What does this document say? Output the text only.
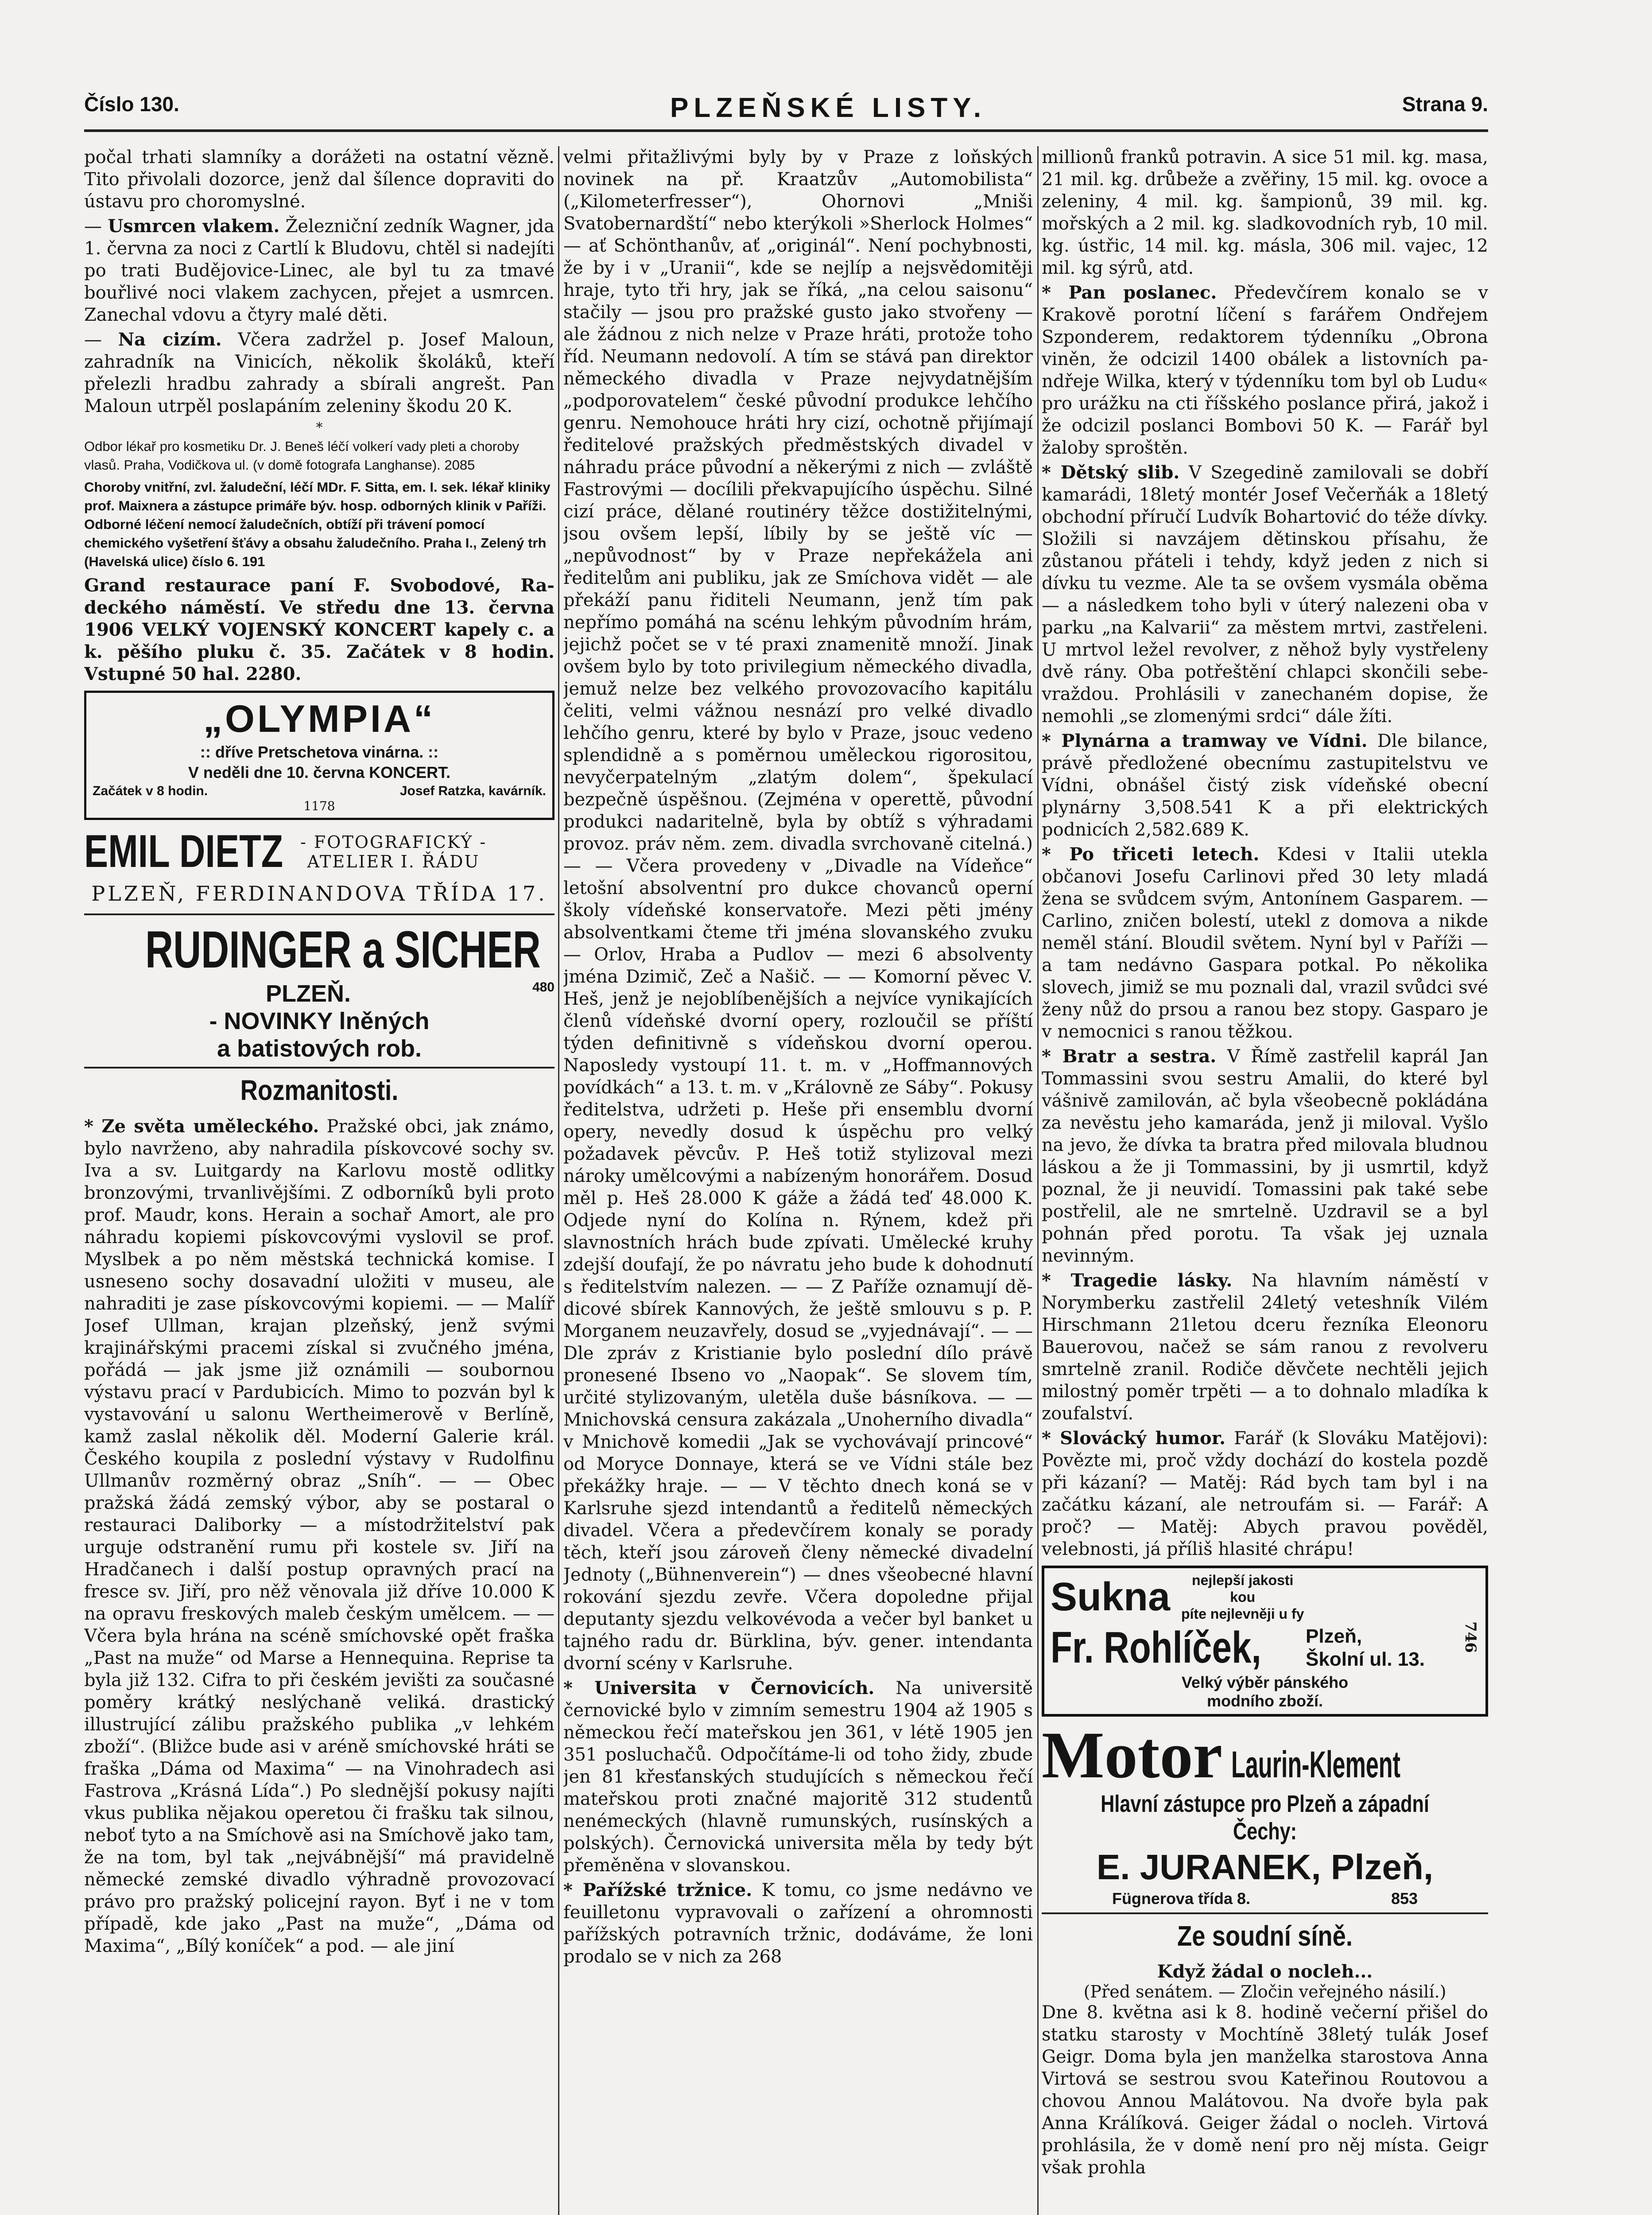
Číslo 130.	PLZEŇSKÉ LISTY.	Strana 9.

počal trhati slamníky a dorážeti na ostatní vězně. Tito přivolali dozorce, jenž dal šílence dopraviti do ústavu pro choromyslné.

— Usmrcen vlakem. Železniční zedník Wagner, jda 1. června za noci z Cartlí k Bludovu, chtěl si nadejíti po trati Budějovice-Linec, ale byl tu za tmavé bouřlivé noci vlakem zachycen, přejet a usmrcen. Zanechal vdovu a čtyry malé děti.

— Na cizím. Včera zadržel p. Josef Maloun, zahradník na Vinicích, několik školáků, kteří přelezli hradbu zahrady a sbírali angrešt. Pan Maloun utrpěl poslapáním zeleniny škodu 20 K.

*

Odbor lékař pro kosmetiku Dr. J. Beneš léčí volkerí vady pleti a choroby vlasů. Praha, Vodičkova ul. (v domě fotografa Langhanse). 2085

Choroby vnitřní, zvl. žaludeční, léčí MDr. F. Sitta, em. I. sek. lékař kliniky prof. Maixnera a zástupce primáře býv. hosp. odborných klinik v Paříži. Odborné léčení nemocí žaludečních, obtíží při trávení pomocí chemického vyšetření šťávy a obsahu žaludečního. Praha I., Zelený trh (Havelská ulice) číslo 6. 191

Grand restaurace paní F. Svobodové, Radeckého náměstí. Ve středu dne 13. června 1906 VELKÝ VOJENSKÝ KONCERT kapely c. a k. pěšího pluku č. 35. Začátek v 8 hodin. Vstupné 50 hal. 2280.

„OLYMPIA“
:: dříve Pretschetova vinárna. ::
V neděli dne 10. června KONCERT.
Začátek v 8 hodin.	Josef Ratzka, kavárník.
1178
EMIL DIETZ - FOTOGRAFICKÝ -
ATELIER I. ŘÁDU
PLZEŇ, FERDINANDOVA TŘÍDA 17.
RUDINGER a SICHER
PLZEŇ.	480
- NOVINKY lněných
a batistových rob.
Rozmanitosti.

* Ze světa uměleckého. Pražské obci, jak známo, bylo navrženo, aby nahradila pískovcové sochy sv. Iva a sv. Luitgardy na Karlovu mostě odlitky bronzovými, trvanlivějšími. Z odborníků byli proto prof. Maudr, kons. Herain a sochař Amort, ale pro náhradu kopiemi pískovcovými vyslovil se prof. Myslbek a po něm městská technická komise. I usneseno sochy dosavadní uložiti v museu, ale nahraditi je zase pískovcovými kopiemi. — — Malíř Josef Ullman, krajan plzeňský, jenž svými krajinářskými pracemi získal si zvučného jména, pořádá — jak jsme již oznámili — soubornou výstavu prací v Pardubicích. Mimo to pozván byl k vystavování u salonu Wertheimerově v Berlíně, kamž zaslal několik děl. Moderní Galerie král. Českého koupila z poslední výstavy v Rudolfinu Ullmanův rozměrný obraz „Sníh“. — — Obec pražská žádá zemský výbor, aby se postaral o restauraci Daliborky — a místodržitelství pak urguje odstranění rumu při kostele sv. Jiří na Hradčanech i další postup opravných prací na fresce sv. Jiří, pro něž věnovala již dříve 10.000 K na opravu freskových maleb českým umělcem. — — Včera byla hrána na scéně smíchovské opět fraška „Past na muže“ od Marse a Hennequina. Reprise ta byla již 132. Cifra to při českém jevišti za současné poměry krátký neslýchaně veliká. drastický illustrující zálibu pražského publika „v lehkém zboží“. (Bližce bude asi v aréně smíchovské hráti se fraška „Dáma od Maxima“ — na Vinohradech asi Fastrova „Krásná Lída“.) Po slednější pokusy najíti vkus publika nějakou operetou či frašku tak silnou, neboť tyto a na Smíchově asi na Smíchově jako tam, že na tom, byl tak „nejvábnější“ má pravidelně německé zemské divadlo výhradně provozovací právo pro pražský policejní rayon. Byť i ne v tom případě, kde jako „Past na muže“, „Dáma od Maxima“, „Bílý koníček“ a pod. — ale jiní

velmi přitažlivými byly by v Praze z loňských novinek na př. Kraatzův „Automobilista“ („Kilometerfresser“), Ohornovi „Mniši Svatobernardští“ nebo kterýkoli »Sherlock Holmes“ — ať Schönthanův, ať „originál“. Není pochybnosti, že by i v „Uranii“, kde se nejlíp a nejsvědomitěji hraje, tyto tři hry, jak se říká, „na celou saisonu“ stačily — jsou pro pražské gusto jako stvořeny — ale žádnou z nich nelze v Praze hráti, protože toho říd. Neumann nedovolí. A tím se stává pan direktor německého divadla v Praze nejvydatnějším „podporovatelem“ české původní produkce lehčího genru. Nemohouce hráti hry cizí, ochotně přijímají ředitelové pražských předměstských divadel v náhradu práce původní a někerými z nich — zvláště Fastrovými — docílili překvapujícího úspěchu. Silné cizí práce, dělané routinéry těžce dostižitelnými, jsou ovšem lepší, líbily by se ještě víc — „nepůvodnost“ by v Praze nepřekážela ani ředitelům ani publiku, jak ze Smíchova vidět — ale překáží panu řiditeli Neumann, jenž tím pak nepřímo pomáhá na scénu lehkým původním hrám, jejichž počet se v té praxi znamenitě množí. Jinak ovšem bylo by toto privilegium německého divadla, jemuž nelze bez velkého provozovacího kapitálu čeliti, velmi vážnou nesnází pro velké divadlo lehčího genru, které by bylo v Praze, jsouc vedeno splendidně a s poměrnou uměleckou rigorositou, nevyčerpatelným „zlatým dolem“, špekulací bezpečně úspěšnou. (Zejména v operettě, původní produkci nadaritelně, byla by obtíž s výhradami provoz. práv něm. zem. divadla svrchovaně citelná.) — — Včera provedeny v „Divadle na Vídeňce“ letošní absolventní pro dukce chovanců operní školy vídeňské konservatoře. Mezi pěti jmény absolventkami čteme tři jména slovanského zvuku — Orlov, Hraba a Pudlov — mezi 6 absolventy jména Dzimič, Zeč a Našič. — — Komorní pěvec V. Heš, jenž je nejoblíbenějších a nejvíce vynikajících členů vídeňské dvorní opery, rozloučil se příští týden definitivně s vídeňskou dvorní operou. Naposledy vystoupí 11. t. m. v „Hoffmannových povídkách“ a 13. t. m. v „Královně ze Sáby“. Pokusy ředitelstva, udržeti p. Heše při ensemblu dvorní opery, nevedly dosud k úspěchu pro velký požadavek pěvcův. P. Heš totiž stylizoval mezi nároky umělcovými a nabízeným honorářem. Dosud měl p. Heš 28.000 K gáže a žádá teď 48.000 K. Odjede nyní do Kolína n. Rýnem, kdež při slavnostních hrách bude zpívati. Umělecké kruhy zdejší doufají, že po návratu jeho bude k dohodnutí s ředitelstvím nalezen. — — Z Paříže oznamují dědicové sbírek Kannových, že ještě smlouvu s p. P. Morganem neuzavřely, dosud se „vyjednávají“. — — Dle zpráv z Kristianie bylo poslední dílo právě pronesené Ibseno vo „Naopak“. Se slovem tím, určité stylizovaným, uletěla duše básníkova. — — Mnichovská censura zakázala „Unoherního divadla“ v Mnichově komedii „Jak se vychovávají princové“ od Moryce Donnaye, která se ve Vídni stále bez překážky hraje. — — V těchto dnech koná se v Karlsruhe sjezd intendantů a ředitelů německých divadel. Včera a předevčírem konaly se porady těch, kteří jsou zároveň členy německé divadelní Jednoty („Bühnenverein“) — dnes všeobecné hlavní rokování sjezdu zevře. Včera dopoledne přijal deputanty sjezdu velkovévoda a večer byl banket u tajného radu dr. Bürklina, býv. gener. intendanta dvorní scény v Karlsruhe.

* Universita v Černovicích. Na universitě černovické bylo v zimním semestru 1904 až 1905 s německou řečí mateřskou jen 361, v létě 1905 jen 351 posluchačů. Odpočítáme-li od toho židy, zbude jen 81 křesťanských studujících s německou řečí mateřskou proti značné majoritě 312 studentů nenémeckých (hlavně rumunských, rusínských a polských). Černovická universita měla by tedy být přeměněna v slovanskou.

* Pařížské tržnice. K tomu, co jsme nedávno ve feuilletonu vypravovali o zařízení a ohromnosti pařížských potravních tržnic, dodáváme, že loni prodalo se v nich za 268

millionů franků potravin. A sice 51 mil. kg. masa, 21 mil. kg. drůbeže a zvěřiny, 15 mil. kg. ovoce a zeleniny, 4 mil. kg. šampionů, 39 mil. kg. mořských a 2 mil. kg. sladkovodních ryb, 10 mil. kg. ústřic, 14 mil. kg. másla, 306 mil. vajec, 12 mil. kg sýrů, atd.

* Pan poslanec. Předevčírem konalo se v Krakově porotní líčení s farářem Ondřejem Szponderem, redaktorem týdenníku „Obrona viněn, že odcizil 1400 obálek a listovních pa ndřeje Wilka, který v týdenníku tom byl ob Ludu« pro urážku na cti říšského poslance přirá, jakož i že odcizil poslanci Bombovi 50 K. — Farář byl žaloby sproštěn.

* Dětský slib. V Szegedině zamilovali se dobří kamarádi, 18letý montér Josef Večerňák a 18letý obchodní příručí Ludvík Bohartović do téže dívky. Složili si navzájem dětinskou přísahu, že zůstanou přáteli i tehdy, když jeden z nich si dívku tu vezme. Ale ta se ovšem vysmála oběma — a následkem toho byli v úterý nalezeni oba v parku „na Kalvarii“ za městem mrtvi, zastřeleni. U mrtvol ležel revolver, z něhož byly vystřeleny dvě rány. Oba potřeštění chlapci skončili sebevraždou. Prohlásili v zanechaném dopise, že nemohli „se zlomenými srdci“ dále žíti.

* Plynárna a tramway ve Vídni. Dle bilance, právě předložené obecnímu zastupitelstvu ve Vídni, obnášel čistý zisk vídeňské obecní plynárny 3,508.541 K a při elektrických podnicích 2,582.689 K.

* Po třiceti letech. Kdesi v Italii utekla občanovi Josefu Carlinovi před 30 lety mladá žena se svůdcem svým, Antonínem Gasparem. — Carlino, zničen bolestí, utekl z domova a nikde neměl stání. Bloudil světem. Nyní byl v Paříži — a tam nedávno Gaspara potkal. Po několika slovech, jimiž se mu poznali dal, vrazil svůdci své ženy nůž do prsou a ranou bez stopy. Gasparo je v nemocnici s ranou těžkou.

* Bratr a sestra. V Římě zastřelil kaprál Jan Tommassini svou sestru Amalii, do které byl vášnivě zamilován, ač byla všeobecně pokládána za nevěstu jeho kamaráda, jenž ji miloval. Vyšlo na jevo, že dívka ta bratra před milovala bludnou láskou a že ji Tommassini, by ji usmrtil, když poznal, že ji neuvidí. Tomassini pak také sebe postřelil, ale ne smrtelně. Uzdravil se a byl pohnán před porotu. Ta však jej uznala nevinným.

* Tragedie lásky. Na hlavním náměstí v Norymberku zastřelil 24letý veteshník Vilém Hirschmann 21letou dceru řezníka Eleonoru Bauerovou, načež se sám ranou z revolveru smrtelně zranil. Rodiče děvčete nechtěli jejich milostný poměr trpěti — a to dohnalo mladíka k zoufalství.

* Slovácký humor. Farář (k Slováku Matějovi): Povězte mi, proč vždy dochází do kostela pozdě při kázaní? — Matěj: Rád bych tam byl i na začátku kázaní, ale netroufám si. — Farář: A proč? — Matěj: Abych pravou pověděl, velebnosti, já příliš hlasité chrápu!

Sukna	nejlepší jakosti kou
píte nejlevněji u fy
Fr. Rohlíček, Plzeň,
Školní ul. 13.
746
Velký výběr pánského
modního zboží.
Motor Laurin-Klement
Hlavní zástupce pro Plzeň a západní Čechy:
E. JURANEK, Plzeň,
Fügnerova třída 8.	853
Ze soudní síně.
Když žádal o nocleh...
(Před senátem. — Zločin veřejného násilí.)

Dne 8. května asi k 8. hodině večerní přišel do statku starosty v Mochtíně 38letý tulák Josef Geigr. Doma byla jen manželka starostova Anna Virtová se sestrou svou Kateřinou Routovou a chovou Annou Malátovou. Na dvoře byla pak Anna Králíková. Geiger žádal o nocleh. Virtová prohlásila, že v domě není pro něj místa. Geigr však prohla
